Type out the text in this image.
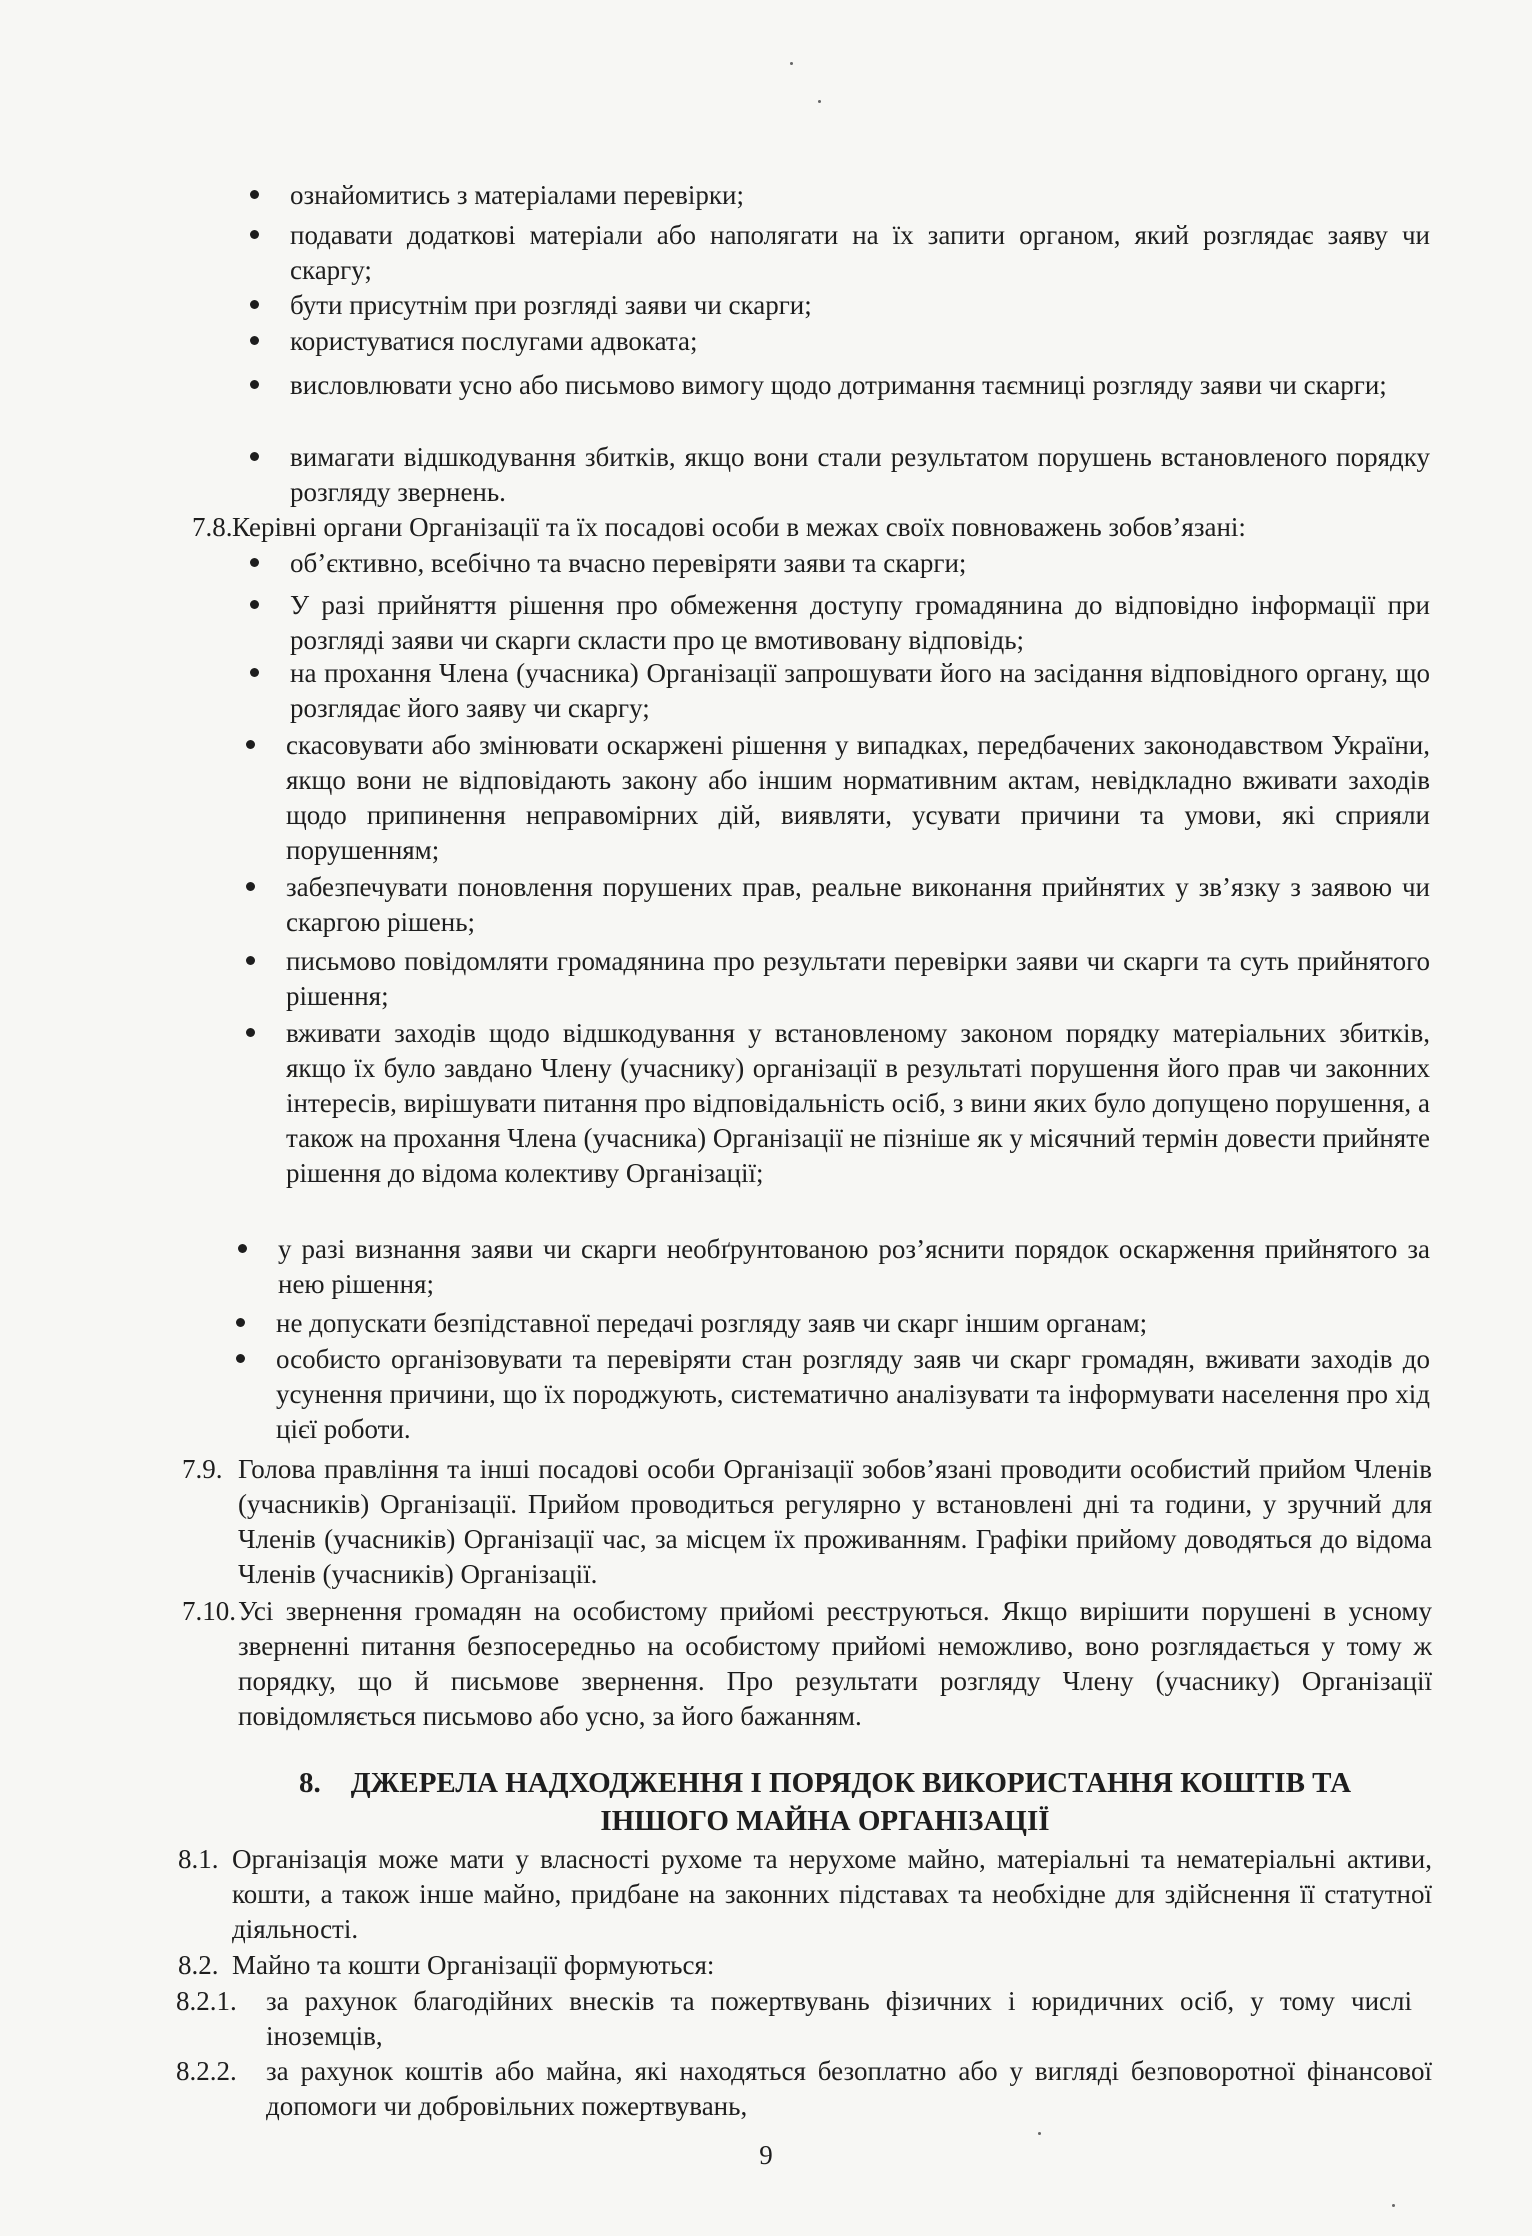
ознайомитись з матеріалами перевірки;
подавати додаткові матеріали або наполягати на їх запити органом, який розглядає заяву чи скаргу;
бути присутнім при розгляді заяви чи скарги;
користуватися послугами адвоката;
висловлювати усно або письмово вимогу щодо дотримання таємниці розгляду заяви чи скарги;
вимагати відшкодування збитків, якщо вони стали результатом порушень встановленого порядку розгляду звернень.
7.8. Керівні органи Організації та їх посадові особи в межах своїх повноважень зобов’язані:
об’єктивно, всебічно та вчасно перевіряти заяви та скарги;
У разі прийняття рішення про обмеження доступу громадянина до відповідно інформації при розгляді заяви чи скарги скласти про це вмотивовану відповідь;
на прохання Члена (учасника) Організації запрошувати його на засідання відповідного органу, що розглядає його заяву чи скаргу;
скасовувати або змінювати оскаржені рішення у випадках, передбачених законодавством України, якщо вони не відповідають закону або іншим нормативним актам, невідкладно вживати заходів щодо припинення неправомірних дій, виявляти, усувати причини та умови, які сприяли порушенням;
забезпечувати поновлення порушених прав, реальне виконання прийнятих у зв’язку з заявою чи скаргою рішень;
письмово повідомляти громадянина про результати перевірки заяви чи скарги та суть прийнятого рішення;
вживати заходів щодо відшкодування у встановленому законом порядку матеріальних збитків, якщо їх було завдано Члену (учаснику) організації в результаті порушення його прав чи законних інтересів, вирішувати питання про відповідальність осіб, з вини яких було допущено порушення, а також на прохання Члена (учасника) Організації не пізніше як у місячний термін довести прийняте рішення до відома колективу Організації;
у разі визнання заяви чи скарги необґрунтованою роз’яснити порядок оскарження прийнятого за нею рішення;
не допускати безпідставної передачі розгляду заяв чи скарг іншим органам;
особисто організовувати та перевіряти стан розгляду заяв чи скарг громадян, вживати заходів до усунення причини, що їх породжують, систематично аналізувати та інформувати населення про хід цієї роботи.
7.9. Голова правління та інші посадові особи Організації зобов’язані проводити особистий прийом Членів (учасників) Організації. Прийом проводиться регулярно у встановлені дні та години, у зручний для Членів (учасників) Організації час, за місцем їх проживанням. Графіки прийому доводяться до відома Членів (учасників) Організації.
7.10. Усі звернення громадян на особистому прийомі реєструються. Якщо вирішити порушені в усному зверненні питання безпосередньо на особистому прийомі неможливо, воно розглядається у тому ж порядку, що й письмове звернення. Про результати розгляду Члену (учаснику) Організації повідомляється письмово або усно, за його бажанням.
8. ДЖЕРЕЛА НАДХОДЖЕННЯ І ПОРЯДОК ВИКОРИСТАННЯ КОШТІВ ТА
ІНШОГО МАЙНА ОРГАНІЗАЦІЇ
8.1. Організація може мати у власності рухоме та нерухоме майно, матеріальні та нематеріальні активи, кошти, а також інше майно, придбане на законних підставах та необхідне для здійснення її статутної діяльності.
8.2. Майно та кошти Організації формуються:
8.2.1. за рахунок благодійних внесків та пожертвувань фізичних і юридичних осіб, у тому числі іноземців,
8.2.2. за рахунок коштів або майна, які находяться безоплатно або у вигляді безповоротної фінансової допомоги чи добровільних пожертвувань,
9
